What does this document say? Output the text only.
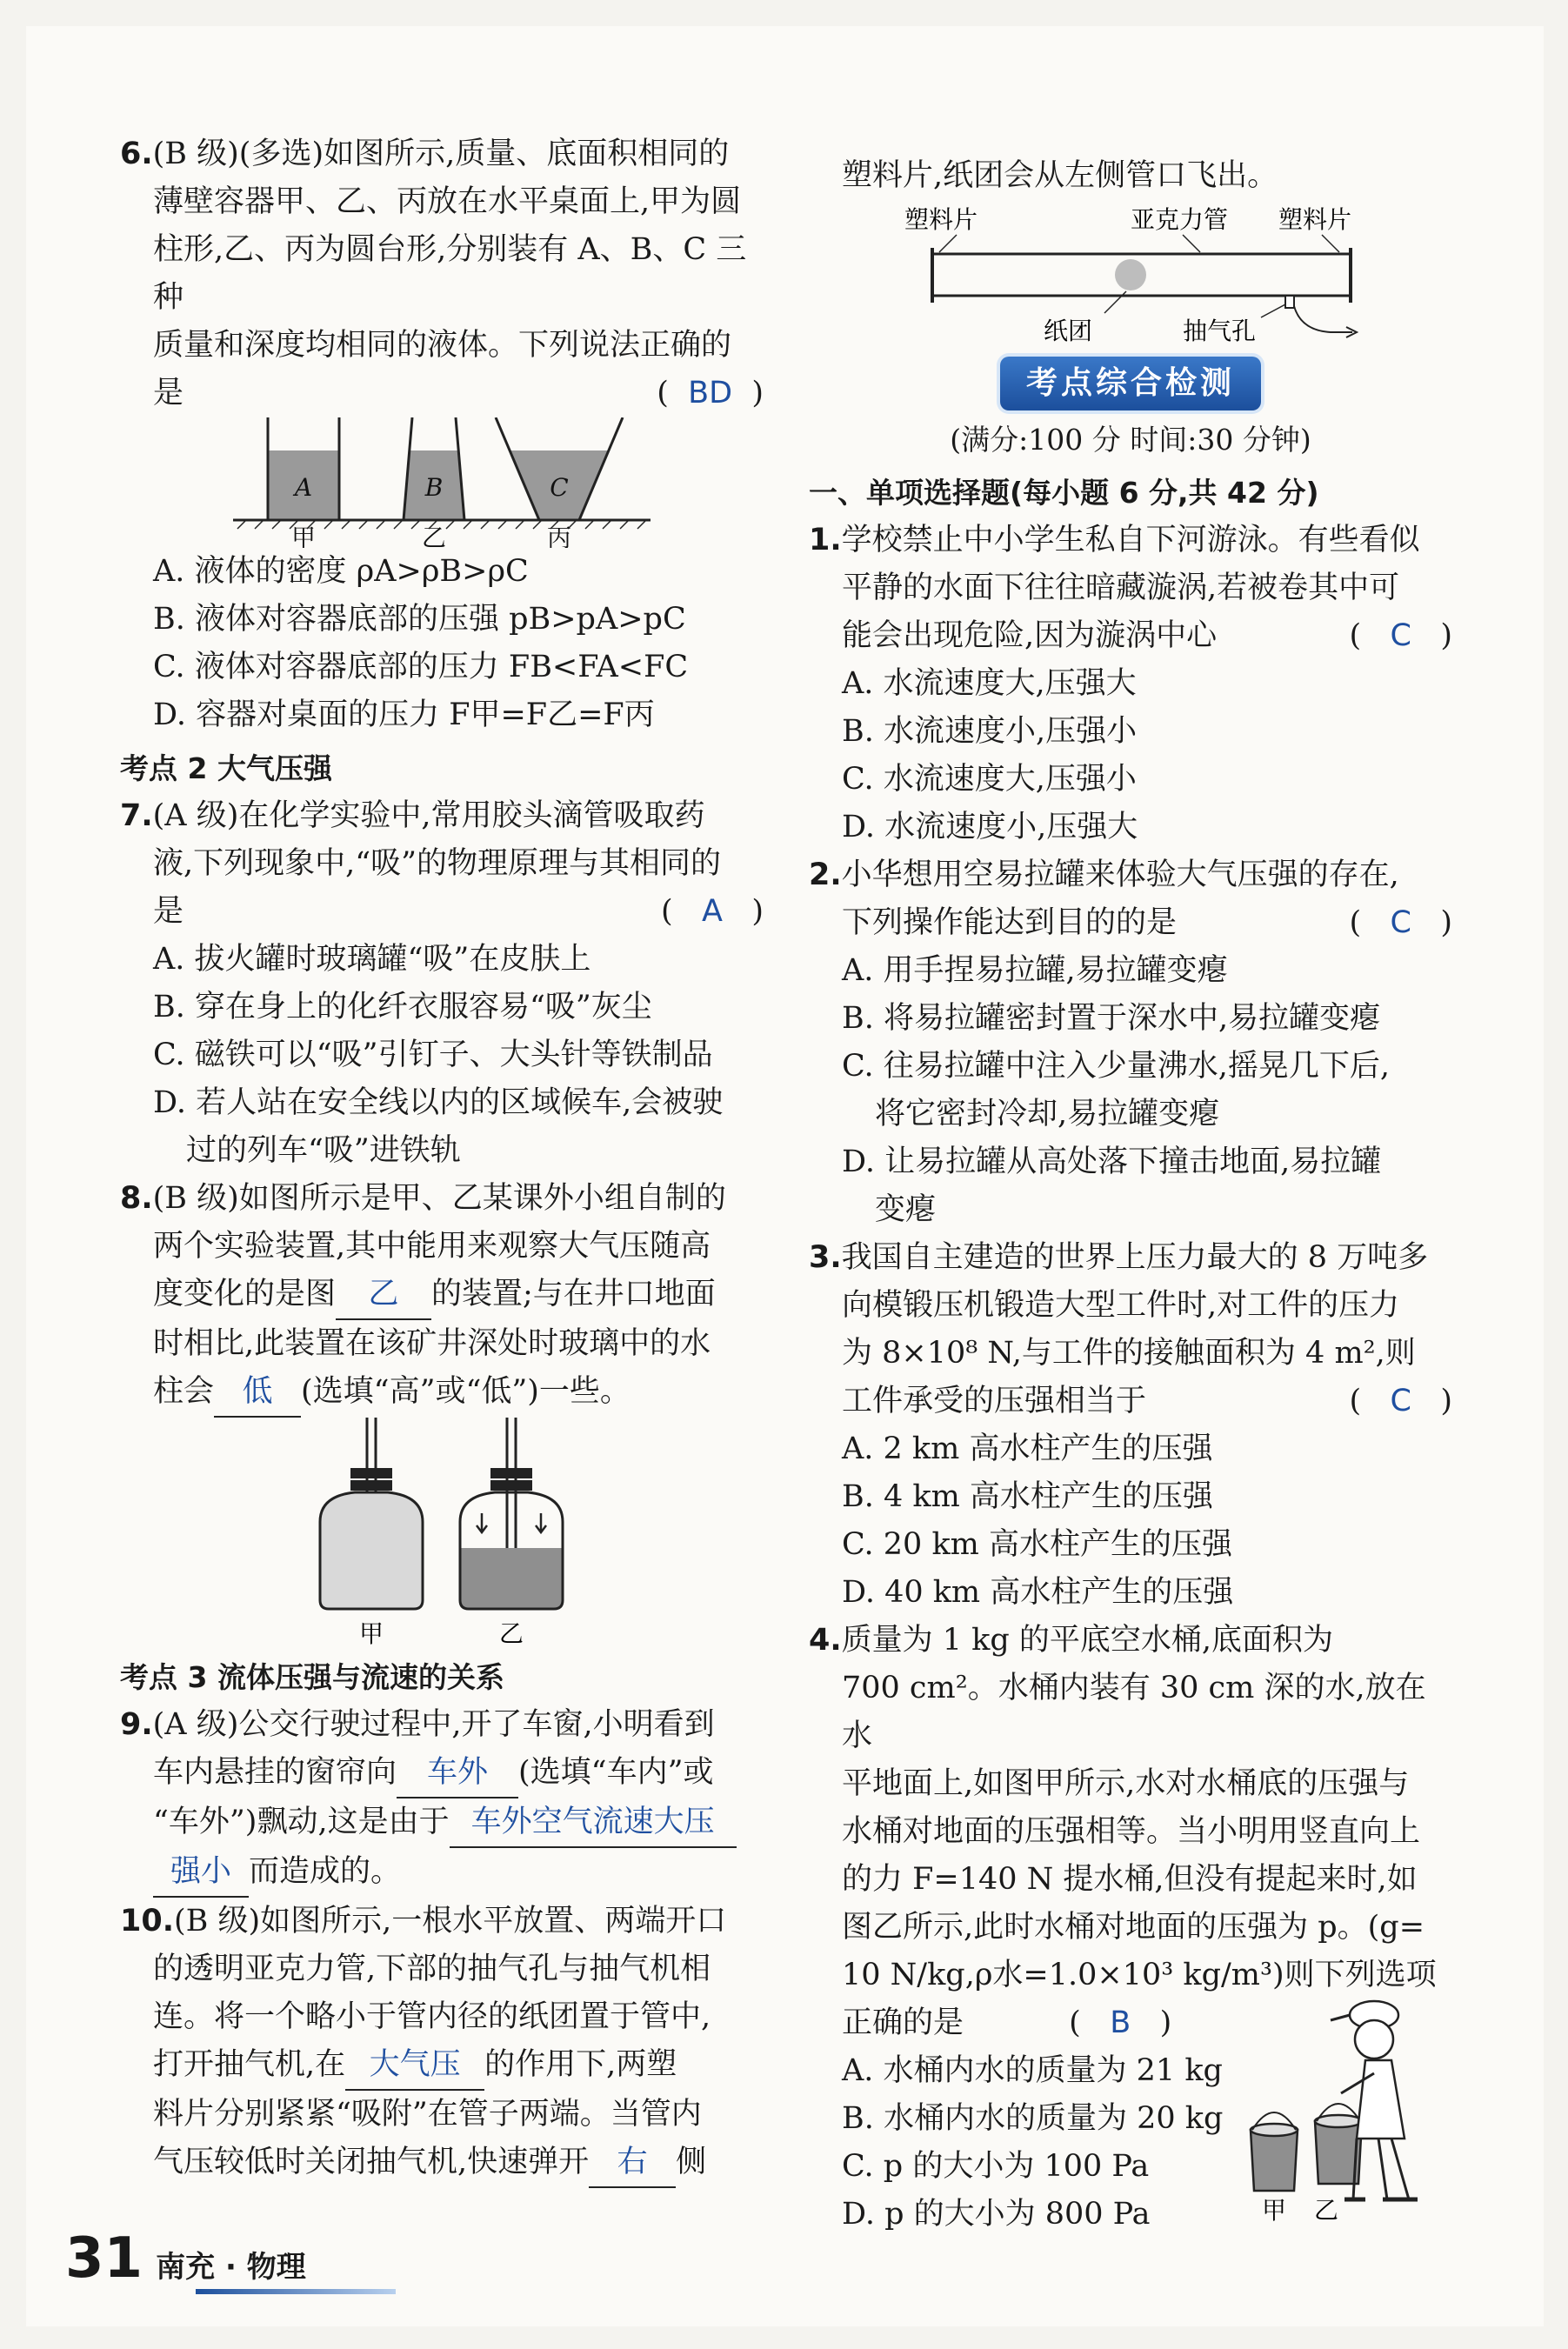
6.(B 级)(多选)如图所示,质量、底面积相同的
薄壁容器甲、乙、丙放在水平桌面上,甲为圆
柱形,乙、丙为圆台形,分别装有 A、B、C 三种
质量和深度均相同的液体。下列说法正确的
是	(  BD  )
A	B	C
甲	乙	丙
A. 液体的密度 ρA>ρB>ρC
B. 液体对容器底部的压强 pB>pA>pC
C. 液体对容器底部的压力 FB<FA<FC
D. 容器对桌面的压力 F甲=F乙=F丙
考点 2 大气压强
7.(A 级)在化学实验中,常用胶头滴管吸取药
液,下列现象中,“吸”的物理原理与其相同的
是	(   A   )
A. 拔火罐时玻璃罐“吸”在皮肤上
B. 穿在身上的化纤衣服容易“吸”灰尘
C. 磁铁可以“吸”引钉子、大头针等铁制品
D. 若人站在安全线以内的区域候车,会被驶
过的列车“吸”进铁轨
8.(B 级)如图所示是甲、乙某课外小组自制的
两个实验装置,其中能用来观察大气压随高
度变化的是图 乙 的装置;与在井口地面
时相比,此装置在该矿井深处时玻璃中的水
柱会 低 (选填“高”或“低”)一些。
甲	乙
考点 3 流体压强与流速的关系
9.(A 级)公交行驶过程中,开了车窗,小明看到
车内悬挂的窗帘向 车外 (选填“车内”或
“车外”)飘动,这是由于 车外空气流速大压
强小 而造成的。
10.(B 级)如图所示,一根水平放置、两端开口
的透明亚克力管,下部的抽气孔与抽气机相
连。将一个略小于管内径的纸团置于管中,
打开抽气机,在 大气压 的作用下,两塑
料片分别紧紧“吸附”在管子两端。当管内
气压较低时关闭抽气机,快速弹开 右 侧
塑料片,纸团会从左侧管口飞出。
塑料片	亚克力管 塑料片
纸团	抽气孔
考点综合检测
(满分:100 分 时间:30 分钟)
一、单项选择题(每小题 6 分,共 42 分)
1.学校禁止中小学生私自下河游泳。有些看似
平静的水面下往往暗藏漩涡,若被卷其中可
能会出现危险,因为漩涡中心	(   C   )
A. 水流速度大,压强大
B. 水流速度小,压强小
C. 水流速度大,压强小
D. 水流速度小,压强大
2.小华想用空易拉罐来体验大气压强的存在,
下列操作能达到目的的是	(   C   )
A. 用手捏易拉罐,易拉罐变瘪
B. 将易拉罐密封置于深水中,易拉罐变瘪
C. 往易拉罐中注入少量沸水,摇晃几下后,
将它密封冷却,易拉罐变瘪
D. 让易拉罐从高处落下撞击地面,易拉罐
变瘪
3.我国自主建造的世界上压力最大的 8 万吨多
向模锻压机锻造大型工件时,对工件的压力
为 8×10⁸ N,与工件的接触面积为 4 m²,则
工件承受的压强相当于	(   C   )
A. 2 km 高水柱产生的压强
B. 4 km 高水柱产生的压强
C. 20 km 高水柱产生的压强
D. 40 km 高水柱产生的压强
4.质量为 1 kg 的平底空水桶,底面积为
700 cm²。水桶内装有 30 cm 深的水,放在水
平地面上,如图甲所示,水对水桶底的压强与
水桶对地面的压强相等。当小明用竖直向上
的力 F=140 N 提水桶,但没有提起来时,如
图乙所示,此时水桶对地面的压强为 p。(g=
10 N/kg,ρ水=1.0×10³ kg/m³)则下列选项
正确的是	(   B   )
A. 水桶内水的质量为 21 kg
B. 水桶内水的质量为 20 kg
C. p 的大小为 100 Pa
D. p 的大小为 800 Pa	甲 乙
31 南充 · 物理
